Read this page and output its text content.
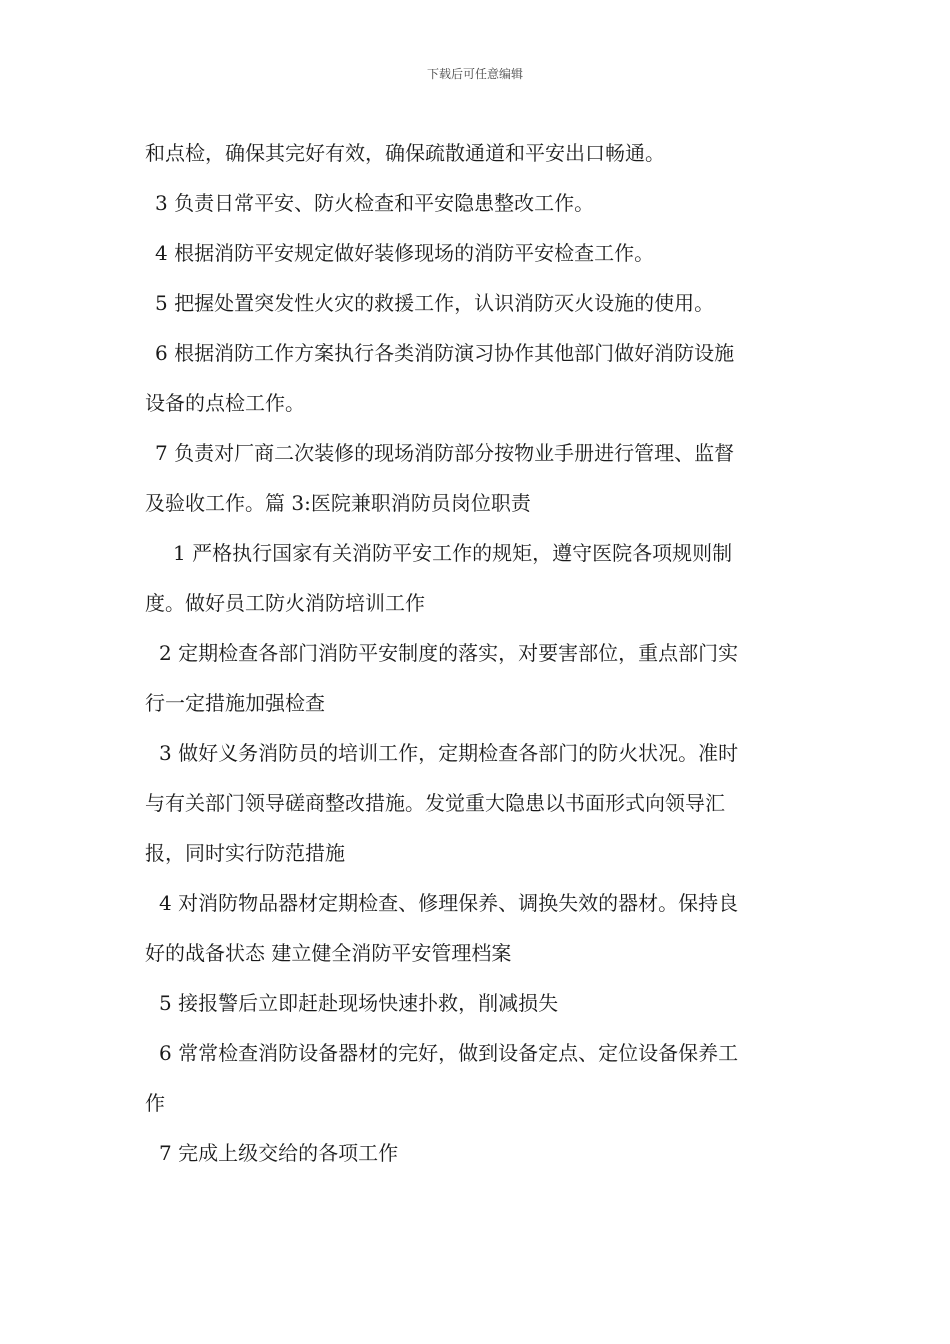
下载后可任意编辑
和点检，确保其完好有效，确保疏散通道和平安出口畅通。
3 负责日常平安、防火检查和平安隐患整改工作。
4 根据消防平安规定做好装修现场的消防平安检查工作。
5 把握处置突发性火灾的救援工作，认识消防灭火设施的使用。
6 根据消防工作方案执行各类消防演习协作其他部门做好消防设施
设备的点检工作。
7 负责对厂商二次装修的现场消防部分按物业手册进行管理、监督
及验收工作。篇 3:医院兼职消防员岗位职责
1 严格执行国家有关消防平安工作的规矩，遵守医院各项规则制
度。做好员工防火消防培训工作
2 定期检查各部门消防平安制度的落实，对要害部位，重点部门实
行一定措施加强检查
3 做好义务消防员的培训工作，定期检查各部门的防火状况。准时
与有关部门领导磋商整改措施。发觉重大隐患以书面形式向领导汇
报，同时实行防范措施
4 对消防物品器材定期检查、修理保养、调换失效的器材。保持良
好的战备状态 建立健全消防平安管理档案
5 接报警后立即赶赴现场快速扑救，削减损失
6 常常检查消防设备器材的完好，做到设备定点、定位设备保养工
作
7 完成上级交给的各项工作
